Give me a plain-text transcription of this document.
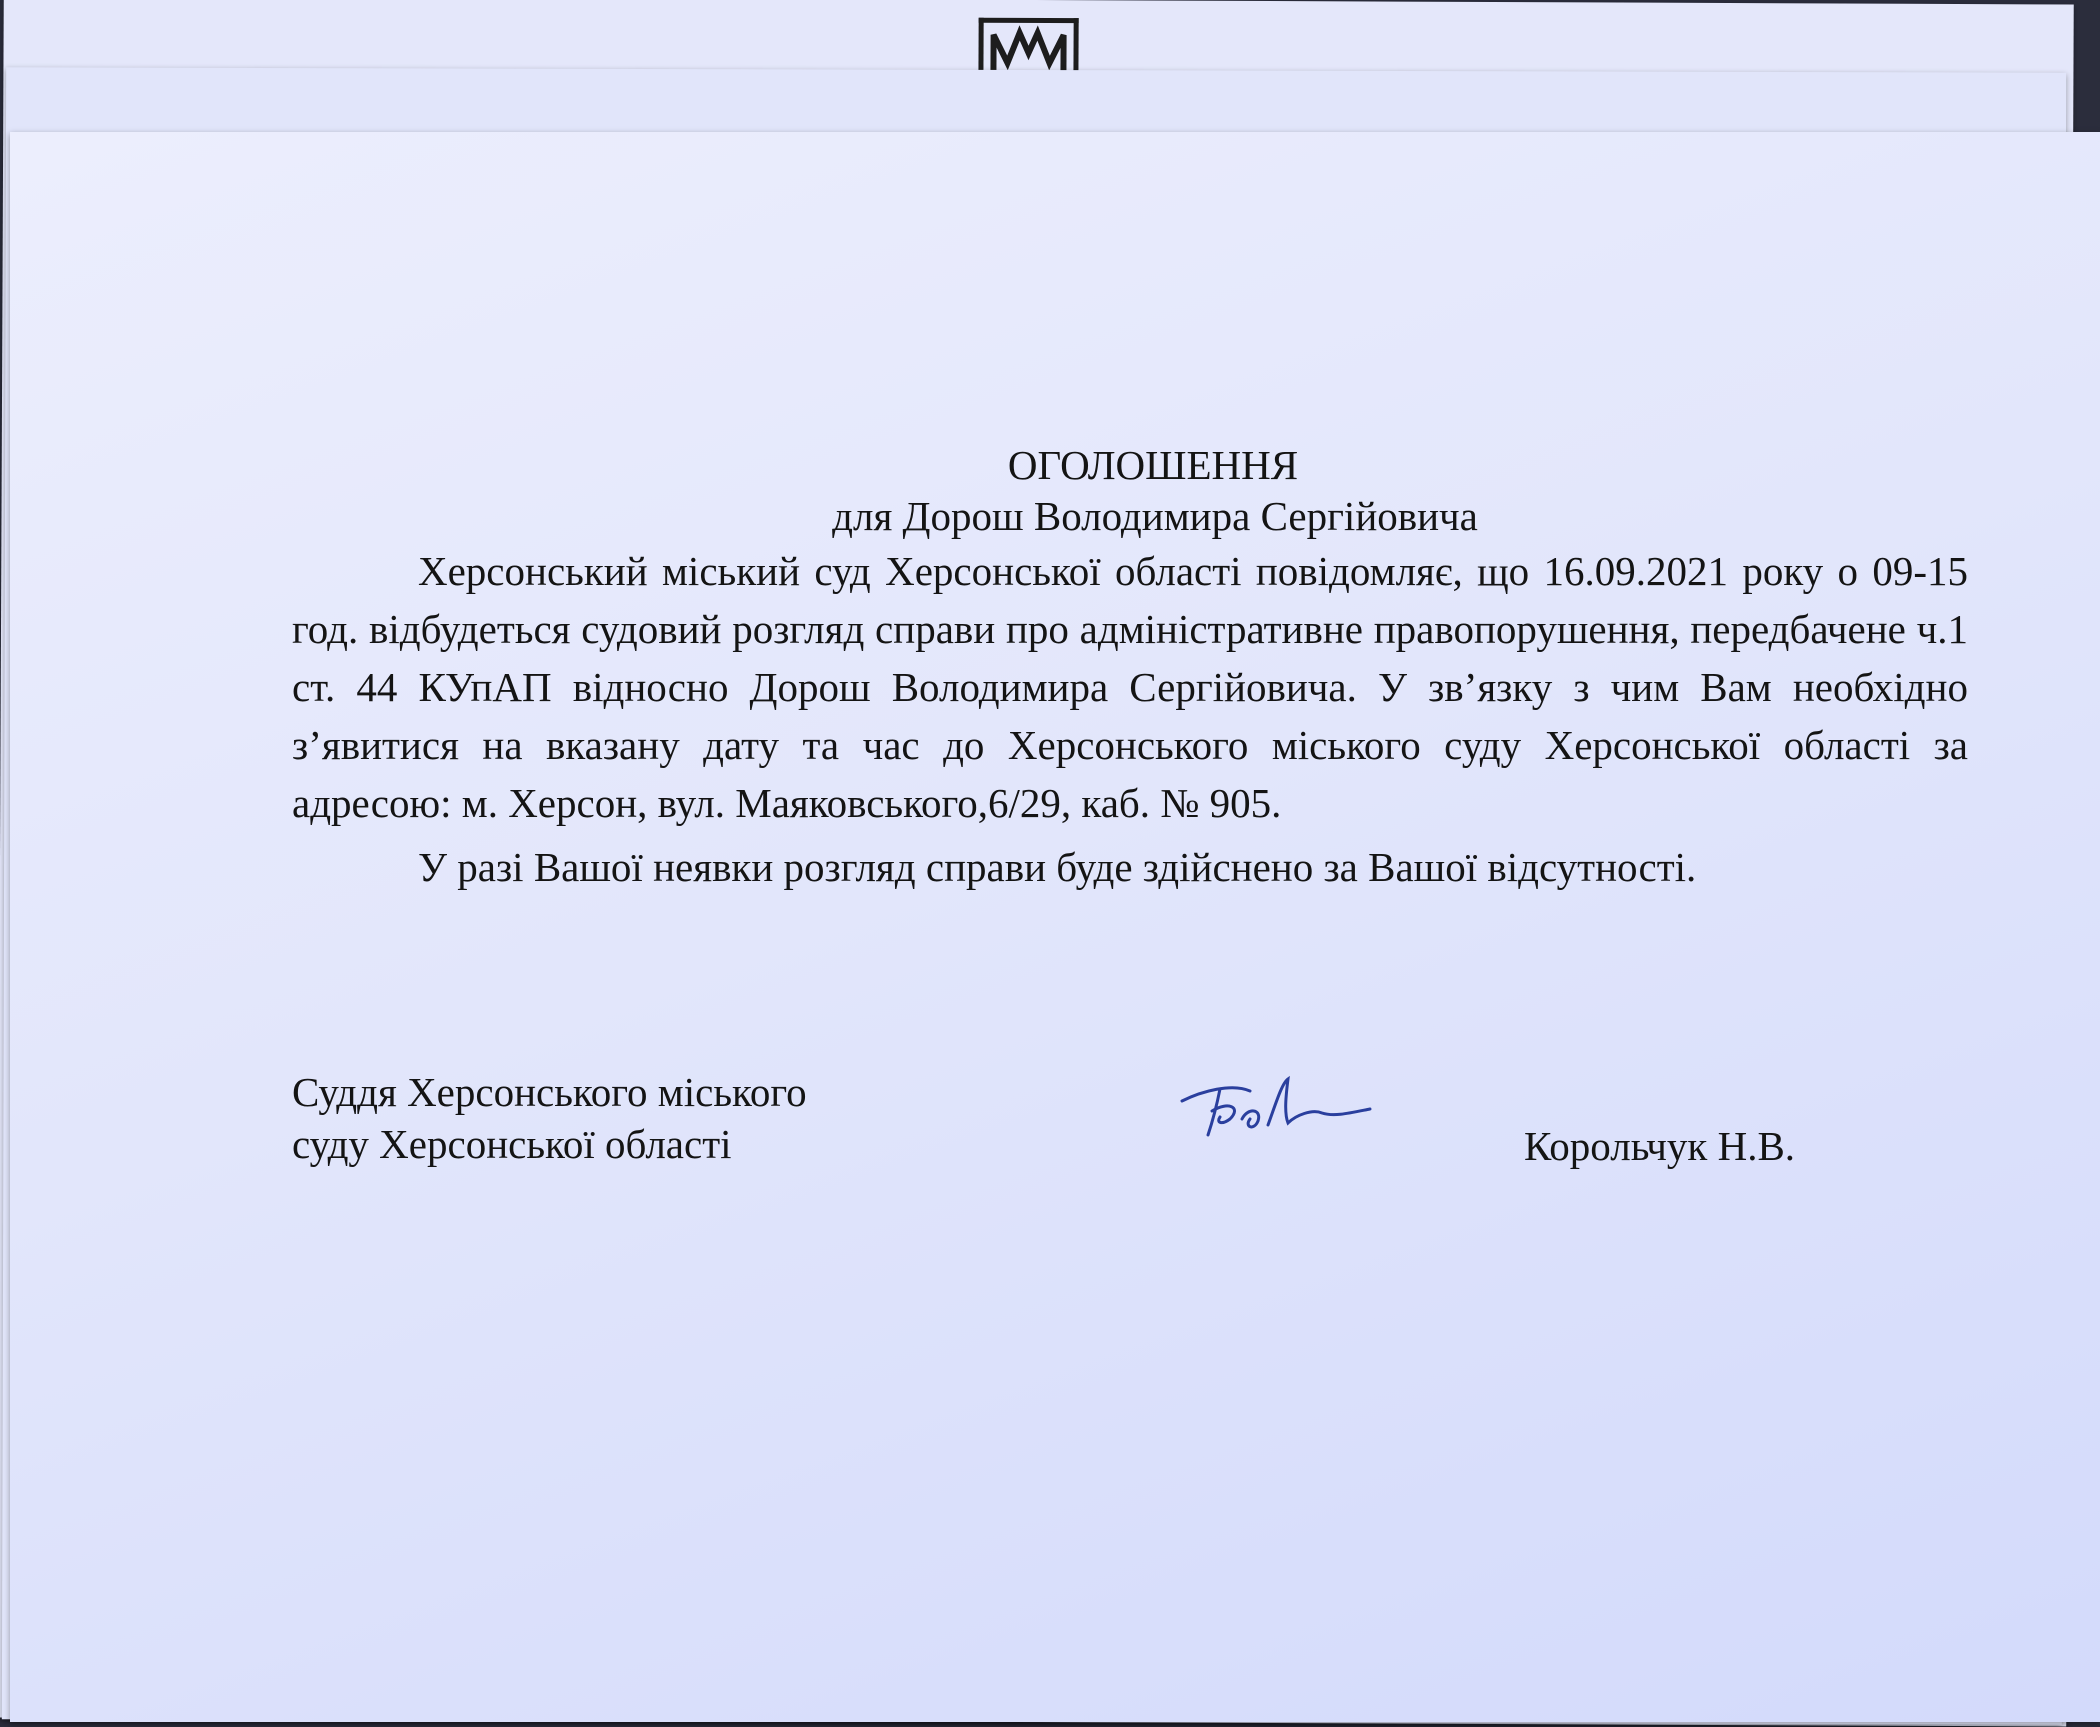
ОГОЛОШЕННЯ

для Дорош Володимира Сергійовича

Херсонський міський суд Херсонської області повідомляє, що 16.09.2021 року о 09-15 год. відбудеться судовий розгляд справи про адміністративне правопорушення, передбачене ч.1 ст. 44 КУпАП відносно Дорош Володимира Сергійовича. У зв’язку з чим Вам необхідно з’явитися на вказану дату та час до Херсонського міського суду Херсонської області за адресою: м. Херсон, вул. Маяковського,6/29, каб. № 905.

У разі Вашої неявки розгляд справи буде здійснено за Вашої відсутності.

Суддя Херсонського міського
суду Херсонської області	Корольчук Н.В.
